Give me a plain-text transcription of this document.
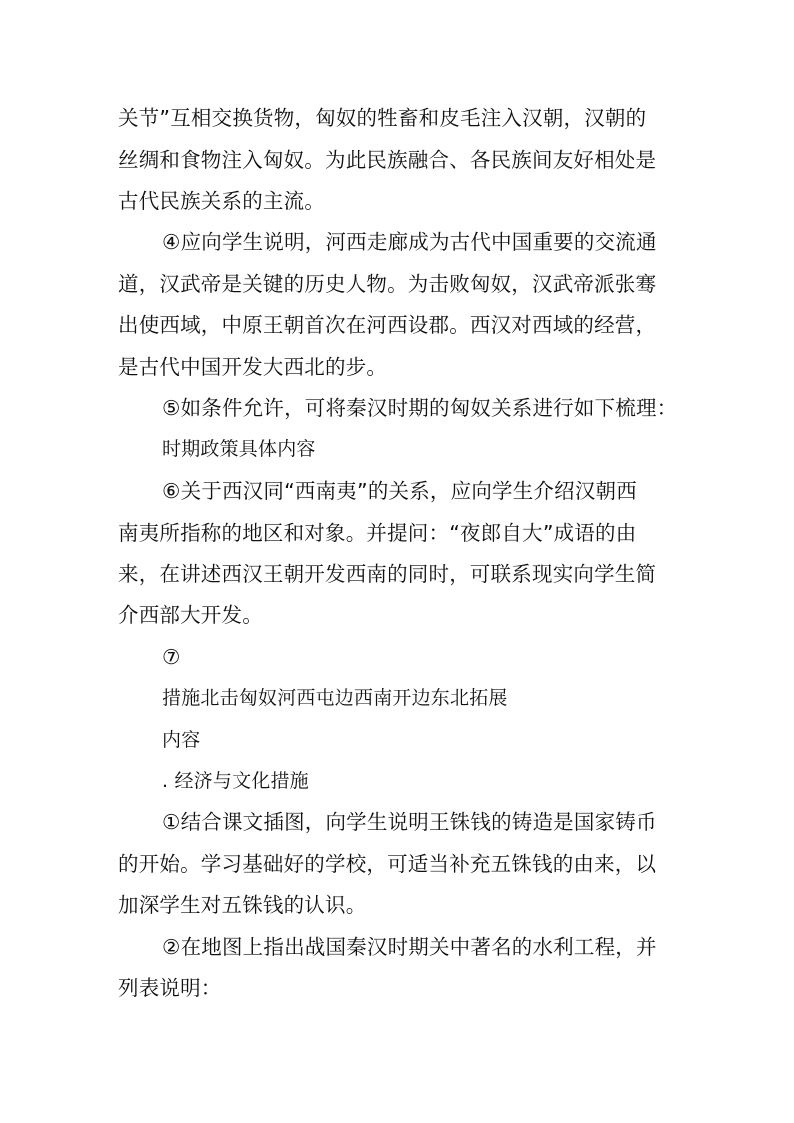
关节”互相交换货物，匈奴的牲畜和皮毛注入汉朝，汉朝的
丝绸和食物注入匈奴。为此民族融合、各民族间友好相处是
古代民族关系的主流。
④应向学生说明，河西走廊成为古代中国重要的交流通
道，汉武帝是关键的历史人物。为击败匈奴，汉武帝派张骞
出使西域，中原王朝首次在河西设郡。西汉对西域的经营，
是古代中国开发大西北的步。
⑤如条件允许，可将秦汉时期的匈奴关系进行如下梳理：
时期政策具体内容
⑥关于西汉同“西南夷”的关系，应向学生介绍汉朝西
南夷所指称的地区和对象。并提问：“夜郎自大”成语的由
来，在讲述西汉王朝开发西南的同时，可联系现实向学生简
介西部大开发。
⑦
措施北击匈奴河西屯边西南开边东北拓展
内容
. 经济与文化措施
①结合课文插图，向学生说明王铢钱的铸造是国家铸币
的开始。学习基础好的学校，可适当补充五铢钱的由来，以
加深学生对五铢钱的认识。
②在地图上指出战国秦汉时期关中著名的水利工程，并
列表说明：
